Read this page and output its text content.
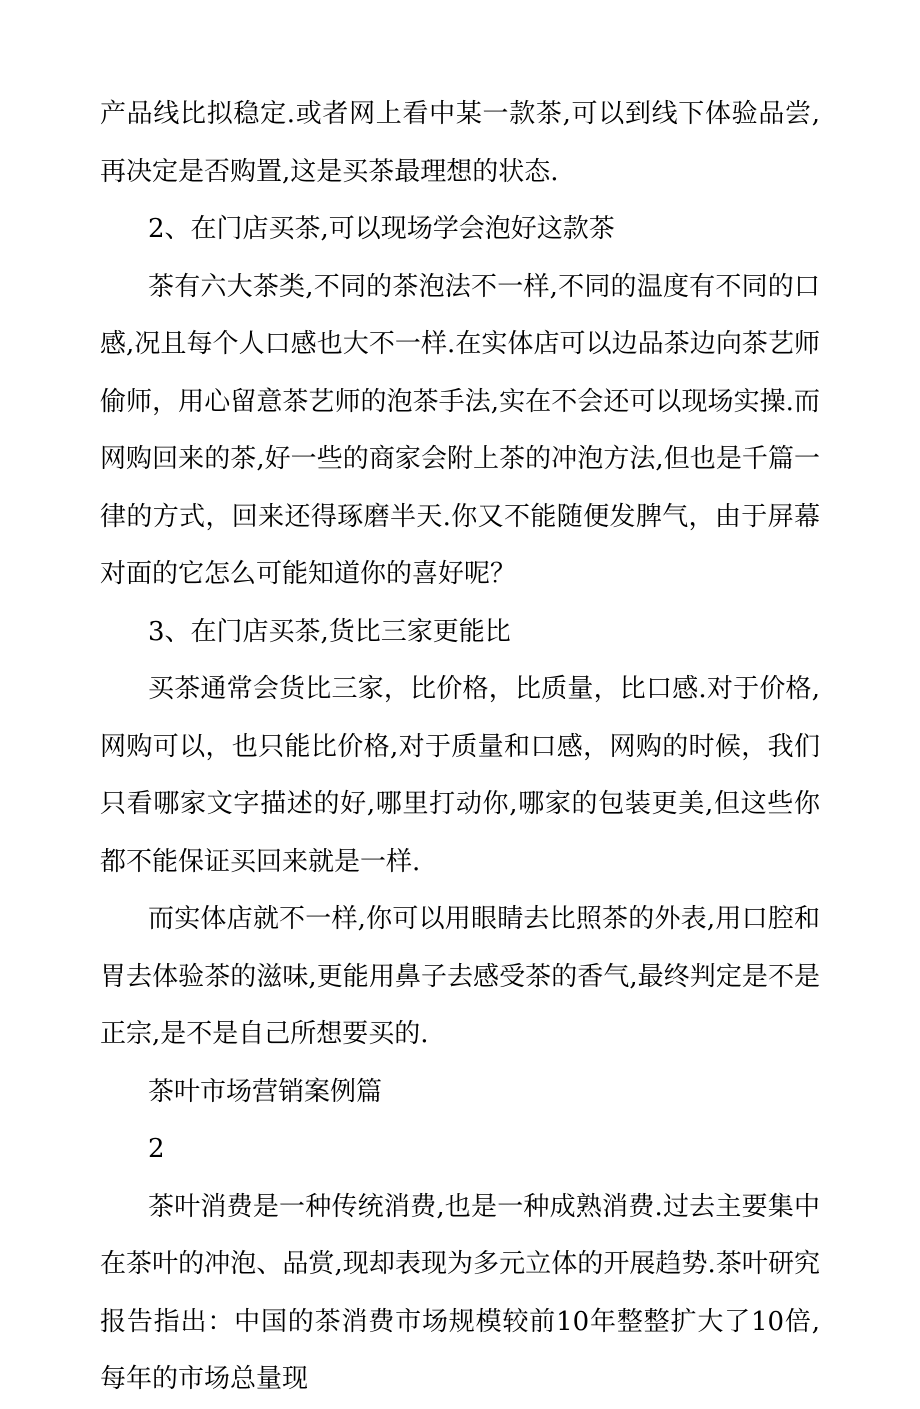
产品线比拟稳定.或者网上看中某一款茶,可以到线下体验品尝,再决定是否购置,这是买茶最理想的状态.

2、在门店买茶,可以现场学会泡好这款茶

茶有六大茶类,不同的茶泡法不一样,不同的温度有不同的口感,况且每个人口感也大不一样.在实体店可以边品茶边向茶艺师偷师，用心留意茶艺师的泡茶手法,实在不会还可以现场实操.而网购回来的茶,好一些的商家会附上茶的冲泡方法,但也是千篇一律的方式，回来还得琢磨半天.你又不能随便发脾气，由于屏幕对面的它怎么可能知道你的喜好呢？

3、在门店买茶,货比三家更能比

买茶通常会货比三家，比价格，比质量，比口感.对于价格,网购可以，也只能比价格,对于质量和口感，网购的时候，我们只看哪家文字描述的好,哪里打动你,哪家的包装更美,但这些你都不能保证买回来就是一样.

而实体店就不一样,你可以用眼睛去比照茶的外表,用口腔和胃去体验茶的滋味,更能用鼻子去感受茶的香气,最终判定是不是正宗,是不是自己所想要买的.

茶叶市场营销案例篇

2

茶叶消费是一种传统消费,也是一种成熟消费.过去主要集中在茶叶的冲泡、品赏,现却表现为多元立体的开展趋势.茶叶研究报告指出：中国的茶消费市场规模较前10年整整扩大了10倍,每年的市场总量现
